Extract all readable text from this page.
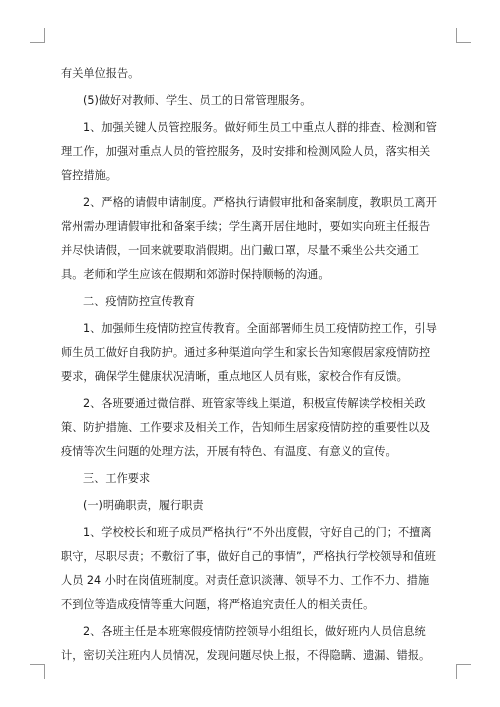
有关单位报告。

(5)做好对教师、学生、员工的日常管理服务。

1、加强关键人员管控服务。做好师生员工中重点人群的排查、检测和管理工作，加强对重点人员的管控服务，及时安排和检测风险人员，落实相关管控措施。

2、严格的请假申请制度。严格执行请假审批和备案制度，教职员工离开常州需办理请假审批和备案手续；学生离开居住地时，要如实向班主任报告并尽快请假，一回来就要取消假期。出门戴口罩，尽量不乘坐公共交通工具。老师和学生应该在假期和郊游时保持顺畅的沟通。

二、疫情防控宣传教育

1、加强师生疫情防控宣传教育。全面部署师生员工疫情防控工作，引导师生员工做好自我防护。通过多种渠道向学生和家长告知寒假居家疫情防控要求，确保学生健康状况清晰，重点地区人员有账，家校合作有反馈。

2、各班要通过微信群、班管家等线上渠道，积极宣传解读学校相关政策、防护措施、工作要求及相关工作，告知师生居家疫情防控的重要性以及疫情等次生问题的处理方法，开展有特色、有温度、有意义的宣传。

三、工作要求

(一)明确职责，履行职责

1、学校校长和班子成员严格执行“不外出度假，守好自己的门；不擅离职守，尽职尽责；不敷衍了事，做好自己的事情”，严格执行学校领导和值班人员 24 小时在岗值班制度。对责任意识淡薄、领导不力、工作不力、措施不到位等造成疫情等重大问题，将严格追究责任人的相关责任。

2、各班主任是本班寒假疫情防控领导小组组长，做好班内人员信息统计，密切关注班内人员情况，发现问题尽快上报，不得隐瞒、遗漏、错报。
